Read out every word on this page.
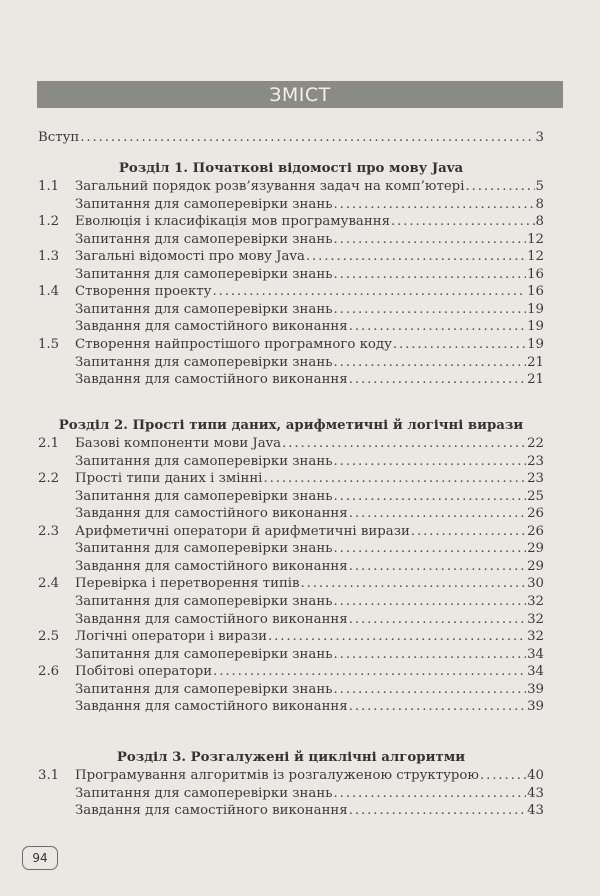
ЗМІСТ
Вступ .....	3
Розділ 1. Початкові відомості про мову Java
1.1	Загальний порядок розв’язування задач на комп’ютері .....	5
Запитання для самоперевірки знань .....	8
1.2	Еволюція і класифікація мов програмування .....	8
Запитання для самоперевірки знань .....	12
1.3	Загальні відомості про мову Java .....	12
Запитання для самоперевірки знань .....	16
1.4	Створення проекту .....	16
Запитання для самоперевірки знань .....	19
Завдання для самостійного виконання .....	19
1.5	Створення найпростішого програмного коду .....	19
Запитання для самоперевірки знань .....	21
Завдання для самостійного виконання .....	21
Розділ 2. Прості типи даних, арифметичні й логічні вирази
2.1	Базові компоненти мови Java .....	22
Запитання для самоперевірки знань .....	23
2.2	Прості типи даних і змінні .....	23
Запитання для самоперевірки знань .....	25
Завдання для самостійного виконання .....	26
2.3	Арифметичні оператори й арифметичні вирази .....	26
Запитання для самоперевірки знань .....	29
Завдання для самостійного виконання .....	29
2.4	Перевірка і перетворення типів .....	30
Запитання для самоперевірки знань .....	32
Завдання для самостійного виконання .....	32
2.5	Логічні оператори і вирази .....	32
Запитання для самоперевірки знань .....	34
2.6	Побітові оператори .....	34
Запитання для самоперевірки знань .....	39
Завдання для самостійного виконання .....	39
Розділ 3. Розгалужені й циклічні алгоритми
3.1	Програмування алгоритмів із розгалуженою структурою .....	40
Запитання для самоперевірки знань .....	43
Завдання для самостійного виконання .....	43
94
